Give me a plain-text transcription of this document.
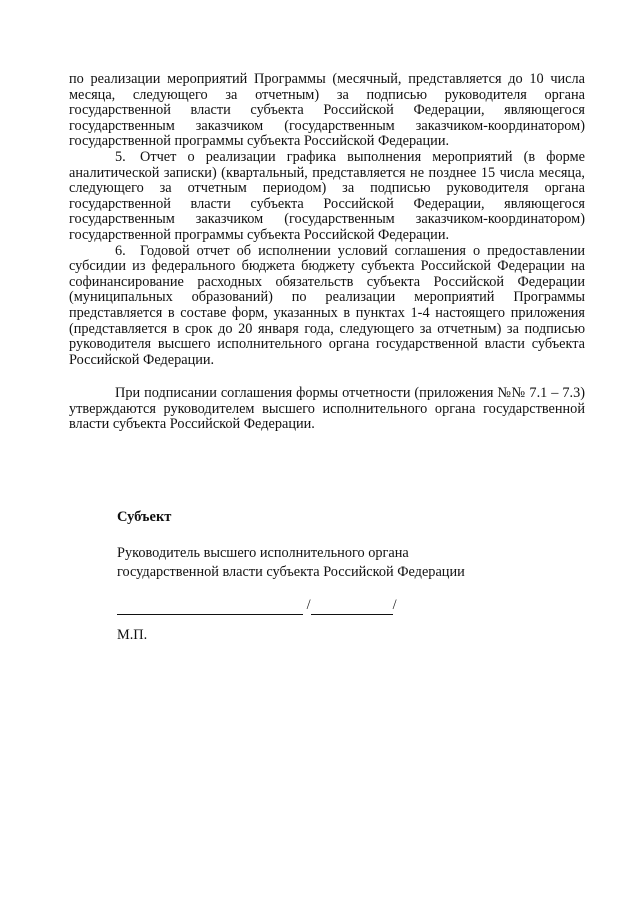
по реализации мероприятий Программы (месячный, представляется до 10 числа месяца, следующего за отчетным) за подписью руководителя органа государственной власти субъекта Российской Федерации, являющегося государственным заказчиком (государственным заказчиком-координатором) государственной программы субъекта Российской Федерации.

5. Отчет о реализации графика выполнения мероприятий (в форме аналитической записки) (квартальный, представляется не позднее 15 числа месяца, следующего за отчетным периодом) за подписью руководителя органа государственной власти субъекта Российской Федерации, являющегося государственным заказчиком (государственным заказчиком-координатором) государственной программы субъекта Российской Федерации.

6. Годовой отчет об исполнении условий соглашения о предоставлении субсидии из федерального бюджета бюджету субъекта Российской Федерации на софинансирование расходных обязательств субъекта Российской Федерации (муниципальных образований) по реализации мероприятий Программы представляется в составе форм, указанных в пунктах 1-4 настоящего приложения (представляется в срок до 20 января года, следующего за отчетным) за подписью руководителя высшего исполнительного органа государственной власти субъекта Российской Федерации.

При подписании соглашения формы отчетности (приложения №№ 7.1 – 7.3) утверждаются руководителем высшего исполнительного органа государственной власти субъекта Российской Федерации.

Субъект
Руководитель высшего исполнительного органа
государственной власти субъекта Российской Федерации
/	/
М.П.
